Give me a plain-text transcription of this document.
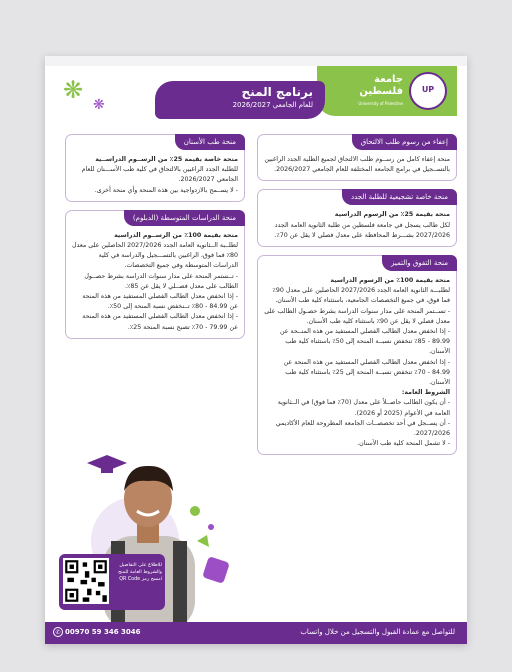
❋
❋
UP
جامعة فلسطين
University of Palestine
برنامج المنح
للعام الجامعي 2026/2027
إعفاء من رسوم طلب الالتحاق

منحة إعفاء كامل من رســوم طلب الالتحاق لجميع الطلبة الجدد الراغبين بالتســجيل في برامج الجامعة المختلفة للعام الجامعي 2026/2027.

منحة خاصة تشجيعية للطلبة الجدد

منحة بقيمة 25٪ من الرسوم الدراسية

لكل طالب يسجل في جامعة فلسطين من طلبة الثانوية العامة الجدد 2027/2026 بشـــرط المحافظة على معدل فصلي لا يقل عن 70٪.

منحة التفوق والتميز

منحة بقيمة 100٪ من الرسوم الدراسية

لطلبـــة الثانوية العامة الجدد 2027/2026 الحاصلين على معدل 90٪ فما فوق، في جميع التخصصات الجامعية، باستثناء كلية طب الأسنان.

- تســتمر المنحة على مدار سنوات الدراسة بشرط حصـول الطالب على معدل فصلي لا يقل عن 90٪ باستثناء كلية طب الأسنان.

- إذا انخفض معدل الطالب الفصلي المستفيد من هذه المنــحة عن 89.99 - 85٪ تنخفض نسبــة المنحة إلى 50٪ باستثناء كلية طب الأسنان.

- إذا انخفض معدل الطالب الفصلي المستفيد من هذه المنحة عن 84.99 - 70٪ تنخفض نسبــة المنحة إلى 25٪ باستثناء كلية طب الأسنان.

الشروط العامة:

- أن يكون الطالب حاصــلاً على معدل (70٪ فما فوق) في الــثانوية العامة في الأعوام (2025 أو 2026).

- أن يســجل في أحد تخصصــات الجامعة المطروحة للعام الأكاديمي 2027/2026.

- لا تشمل المنحة كلية طب الأسنان.

منحة طب الأسنان

منحة خاصة بقيمة 25٪ من الرســوم الدراســية

للطلبة الجدد الراغبين بالالتحاق في كلية طب الأســـنان للعام الجامعي 2026/2027.

- لا يســمح بالازدواجية بين هذه المنحة وأي منحة أخرى.

منحة الدراسات المتوسطة (الدبلوم)

منحة بقيمة 100٪ من الرســوم الدراسية

لطلــبة الــثانوية العامة الجدد 2027/2026 الحاصلين على معدل 80٪ فما فوق، الراغبين بالتســـجيل والدراسة في كلية الدراسات المتوسطة وفي جميع التخصصات.

- تــستمر المنحة على مدار سنوات الدراسة بشرط حصــول الطالب على معدل فصــلي لا يقل عن 85٪.

- إذا انخفض معدل الطالب الفصلي المستفيد من هذه المنحة عن 84.99 - 80٪ تــنخفض نسبة المنحة إلى 50٪.

- إذا انخفض معدل الطالب الفصلي المستفيد من هذه المنحة عن 79.99 - 70٪ تصبح نسبة المنحة 25٪.

للاطلاع على التفاصيل والشروط العامة للمنح امسح رمز QR Code
للتواصل مع عمادة القبول والتسجيل من خلال واتساب
✆ 00970 59 346 3046
